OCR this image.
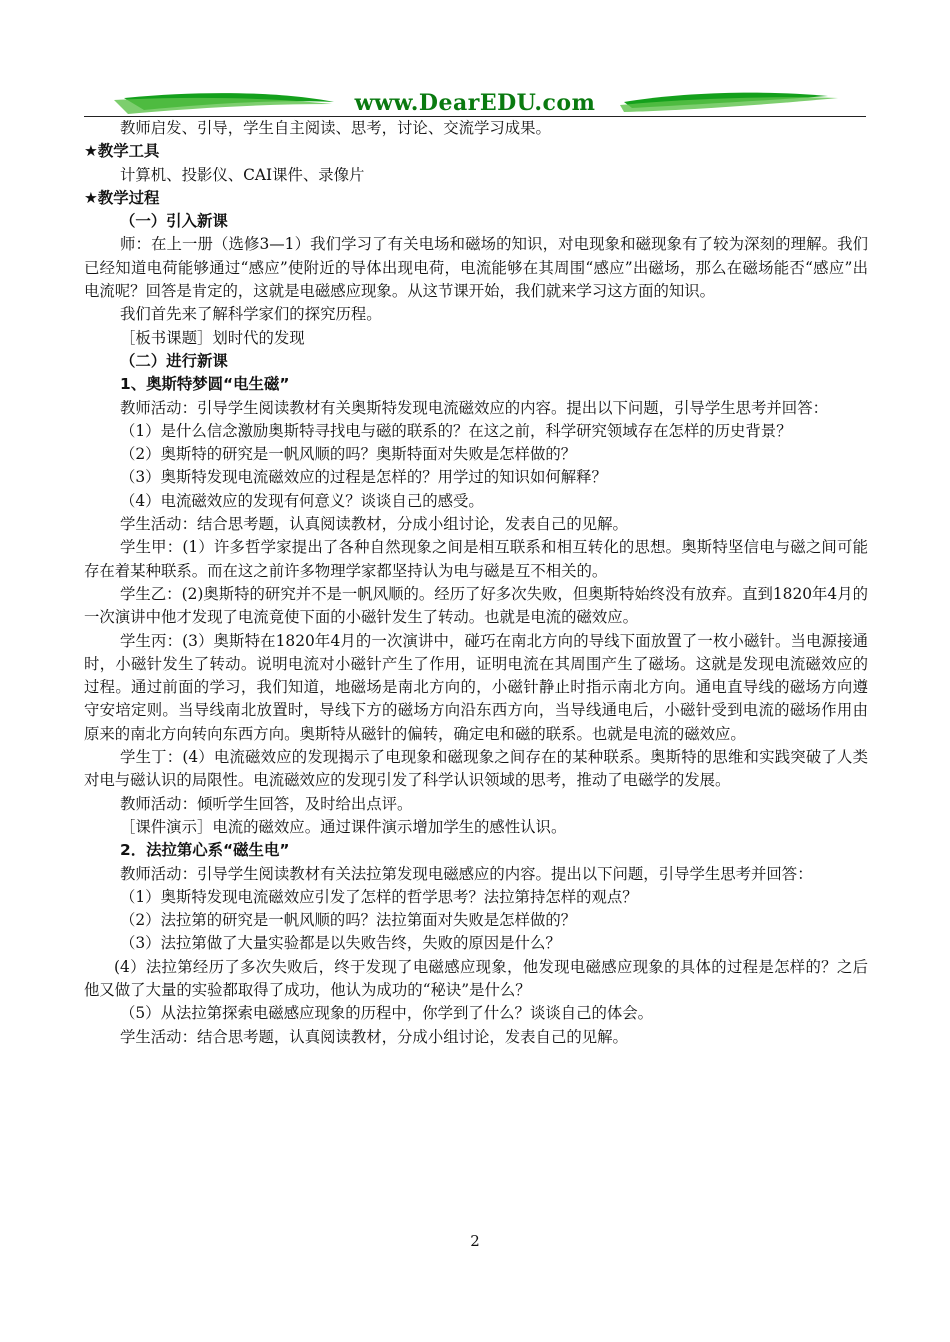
www.DearEDU.com

教师启发、引导，学生自主阅读、思考，讨论、交流学习成果。

★教学工具

计算机、投影仪、CAI课件、录像片

★教学过程

（一）引入新课

师：在上一册（选修3—1）我们学习了有关电场和磁场的知识，对电现象和磁现象有了较为深刻的理解。我们已经知道电荷能够通过“感应”使附近的导体出现电荷，电流能够在其周围“感应”出磁场，那么在磁场能否“感应”出电流呢？回答是肯定的，这就是电磁感应现象。从这节课开始，我们就来学习这方面的知识。

我们首先来了解科学家们的探究历程。

［板书课题］划时代的发现

（二）进行新课

1、奥斯特梦圆“电生磁”

教师活动：引导学生阅读教材有关奥斯特发现电流磁效应的内容。提出以下问题，引导学生思考并回答：

（1）是什么信念激励奥斯特寻找电与磁的联系的？在这之前，科学研究领域存在怎样的历史背景？

（2）奥斯特的研究是一帆风顺的吗？奥斯特面对失败是怎样做的？

（3）奥斯特发现电流磁效应的过程是怎样的？用学过的知识如何解释？

（4）电流磁效应的发现有何意义？谈谈自己的感受。

学生活动：结合思考题，认真阅读教材，分成小组讨论，发表自己的见解。

学生甲：(1）许多哲学家提出了各种自然现象之间是相互联系和相互转化的思想。奥斯特坚信电与磁之间可能存在着某种联系。而在这之前许多物理学家都坚持认为电与磁是互不相关的。

学生乙：(2)奥斯特的研究并不是一帆风顺的。经历了好多次失败，但奥斯特始终没有放弃。直到1820年4月的一次演讲中他才发现了电流竟使下面的小磁针发生了转动。也就是电流的磁效应。

学生丙：(3）奥斯特在1820年4月的一次演讲中，碰巧在南北方向的导线下面放置了一枚小磁针。当电源接通时，小磁针发生了转动。说明电流对小磁针产生了作用，证明电流在其周围产生了磁场。这就是发现电流磁效应的过程。通过前面的学习，我们知道，地磁场是南北方向的，小磁针静止时指示南北方向。通电直导线的磁场方向遵守安培定则。当导线南北放置时，导线下方的磁场方向沿东西方向，当导线通电后，小磁针受到电流的磁场作用由原来的南北方向转向东西方向。奥斯特从磁针的偏转，确定电和磁的联系。也就是电流的磁效应。

学生丁：(4）电流磁效应的发现揭示了电现象和磁现象之间存在的某种联系。奥斯特的思维和实践突破了人类对电与磁认识的局限性。电流磁效应的发现引发了科学认识领域的思考，推动了电磁学的发展。

教师活动：倾听学生回答，及时给出点评。

［课件演示］电流的磁效应。通过课件演示增加学生的感性认识。

2．法拉第心系“磁生电”

教师活动：引导学生阅读教材有关法拉第发现电磁感应的内容。提出以下问题，引导学生思考并回答：

（1）奥斯特发现电流磁效应引发了怎样的哲学思考？法拉第持怎样的观点？

（2）法拉第的研究是一帆风顺的吗？法拉第面对失败是怎样做的？

（3）法拉第做了大量实验都是以失败告终，失败的原因是什么？

(4）法拉第经历了多次失败后，终于发现了电磁感应现象，他发现电磁感应现象的具体的过程是怎样的？之后他又做了大量的实验都取得了成功，他认为成功的“秘诀”是什么？

（5）从法拉第探索电磁感应现象的历程中，你学到了什么？谈谈自己的体会。

学生活动：结合思考题，认真阅读教材，分成小组讨论，发表自己的见解。

2
